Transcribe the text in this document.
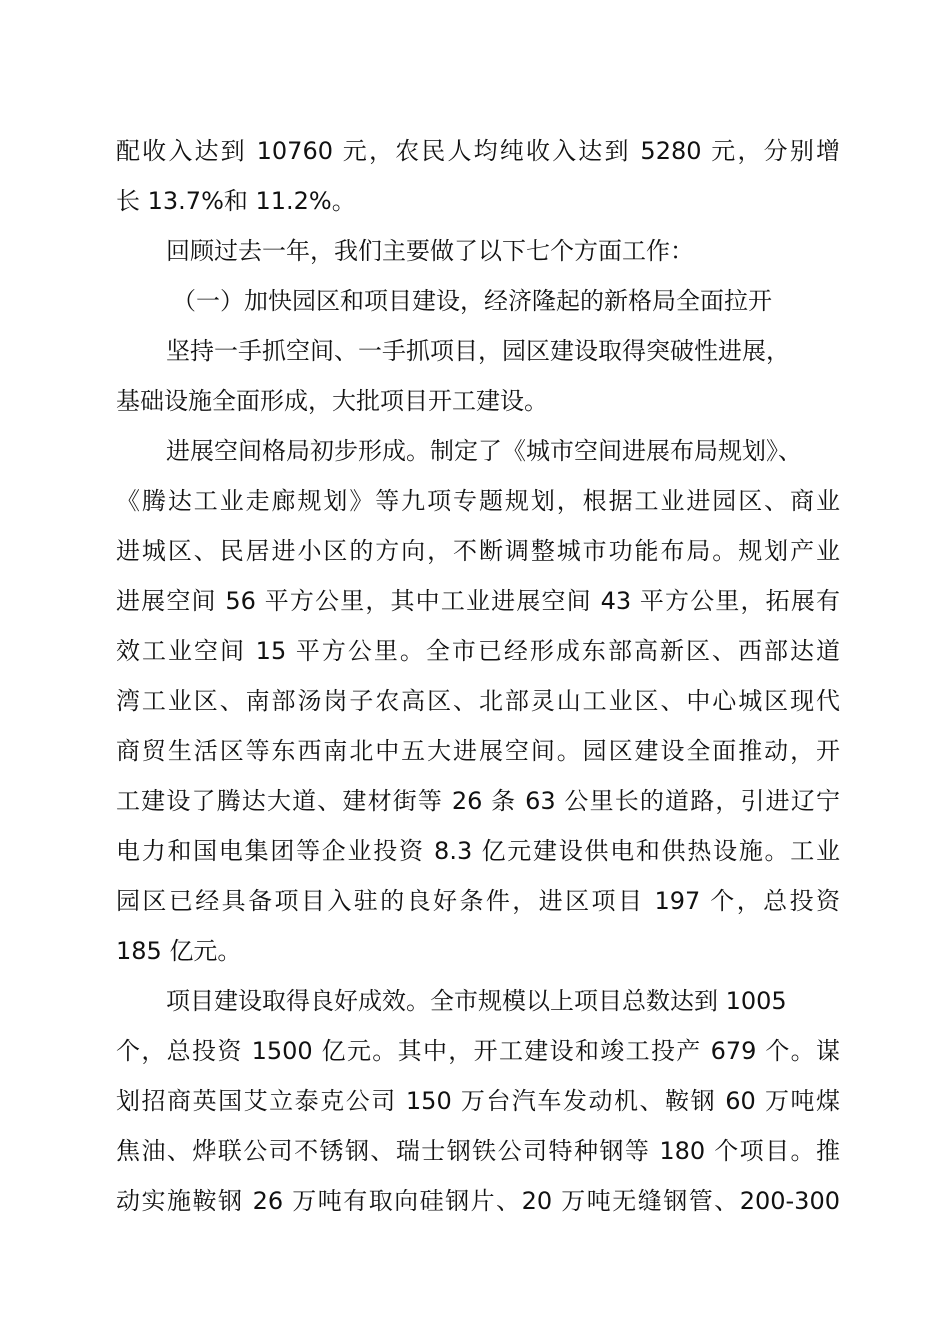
配收入达到 10760 元，农民人均纯收入达到 5280 元，分别增
长 13.7%和 11.2%。
回顾过去一年，我们主要做了以下七个方面工作：
（一）加快园区和项目建设，经济隆起的新格局全面拉开
坚持一手抓空间、一手抓项目，园区建设取得突破性进展，
基础设施全面形成，大批项目开工建设。
进展空间格局初步形成。制定了《城市空间进展布局规划》、
《腾达工业走廊规划》等九项专题规划，根据工业进园区、商业
进城区、民居进小区的方向，不断调整城市功能布局。规划产业
进展空间 56 平方公里，其中工业进展空间 43 平方公里，拓展有
效工业空间 15 平方公里。全市已经形成东部高新区、西部达道
湾工业区、南部汤岗子农高区、北部灵山工业区、中心城区现代
商贸生活区等东西南北中五大进展空间。园区建设全面推动，开
工建设了腾达大道、建材街等 26 条 63 公里长的道路，引进辽宁
电力和国电集团等企业投资 8.3 亿元建设供电和供热设施。工业
园区已经具备项目入驻的良好条件，进区项目 197 个，总投资
185 亿元。
项目建设取得良好成效。全市规模以上项目总数达到 1005
个，总投资 1500 亿元。其中，开工建设和竣工投产 679 个。谋
划招商英国艾立泰克公司 150 万台汽车发动机、鞍钢 60 万吨煤
焦油、烨联公司不锈钢、瑞士钢铁公司特种钢等 180 个项目。推
动实施鞍钢 26 万吨有取向硅钢片、20 万吨无缝钢管、200-300
